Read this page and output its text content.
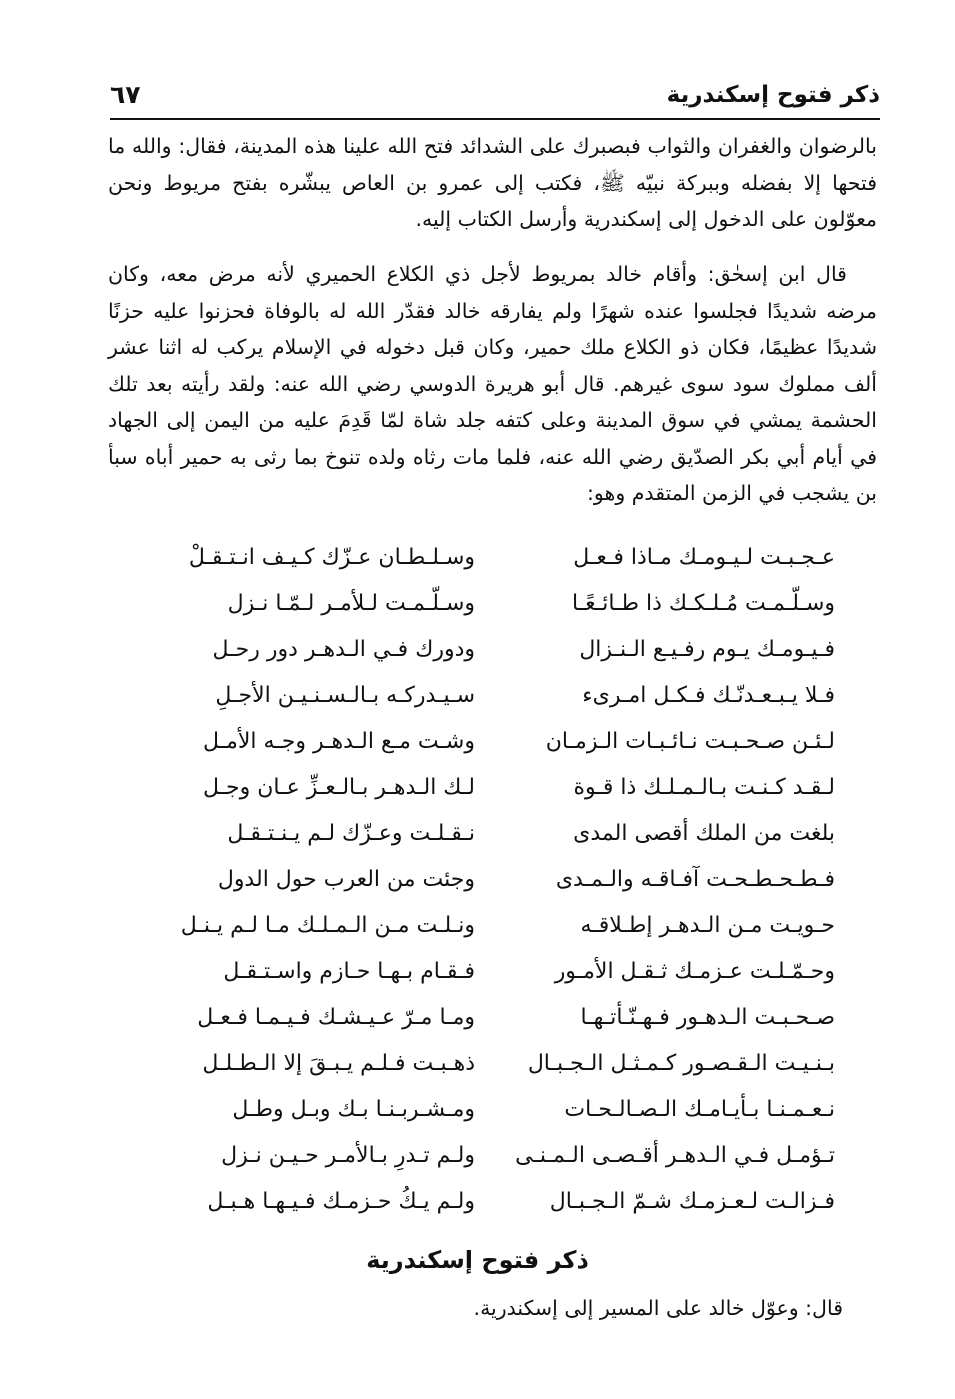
ذكر فتوح إسكندرية
٦٧
بالرضوان والغفران والثواب فبصبرك على الشدائد فتح الله علينا هذه المدينة، فقال: والله ما فتحها إلا بفضله وببركة نبيّه ﷺ، فكتب إلى عمرو بن العاص يبشّره بفتح مريوط ونحن معوّلون على الدخول إلى إسكندرية وأرسل الكتاب إليه.
قال ابن إسحٰق: وأقام خالد بمريوط لأجل ذي الكلاع الحميري لأنه مرض معه، وكان مرضه شديدًا فجلسوا عنده شهرًا ولم يفارقه خالد فقدّر الله له بالوفاة فحزنوا عليه حزنًا شديدًا عظيمًا، فكان ذو الكلاع ملك حمير، وكان قبل دخوله في الإسلام يركب له اثنا عشر ألف مملوك سود سوى غيرهم. قال أبو هريرة الدوسي رضي الله عنه: ولقد رأيته بعد تلك الحشمة يمشي في سوق المدينة وعلى كتفه جلد شاة لمّا قَدِمَ عليه من اليمن إلى الجهاد في أيام أبي بكر الصدّيق رضي الله عنه، فلما مات رثاه ولده تنوخ بما رثى به حمير أباه سبأ بن يشجب في الزمن المتقدم وهو:
عـجـبـت لـيـومـك مـاذا فـعـل
وسـلـطـان عـزّك كـيـف انـتـقـلْ
وسـلّـمـت مُـلـكـك ذا طـائـعًـا
وسـلّـمـت لـلأمـر لـمّـا نـزل
فـيـومـك يـوم رفـيـع الـنـزال
ودورك فـي الـدهـر دور رحـل
فـلا يـبـعـدنّـك فـكـل امـرىء
سـيـدركـه بـالـسـنـيـن الأجـلِ
لـئـن صـحـبـت نـائـبـات الـزمـان
وشـت مـع الـدهـر وجـه الأمـل
لـقـد كـنـت بـالـمـلـك ذا قـوة
لـك الـدهـر بـالـعـزِّ عـان وجـل
بلغت من الملك أقصى المدى
نـقـلـت وعـزّك لـم يـنـتـقـل
فـطـحـطـحـت آفـاقـه والـمـدى
وجئت من العرب حول الدول
حـويـت مـن الـدهـر إطـلاقـه
ونـلـت مـن الـمـلـك مـا لـم يـنـل
وحـمّـلـت عـزمـك ثـقـل الأمـور
فـقـام بـهـا حـازم واسـتـقـل
صـحـبـت الـدهـور فـهـنّـأتـهـا
ومـا مـرّ عـيـشـك فـيـمـا فـعـل
بـنـيـت الـقـصـور كـمـثـل الـجـبـال
ذهـبـت فـلـم يـبـقَ إلا الـطـلـل
نـعـمـنـا بـأيـامـك الـصـالـحـات
ومـشـربـنـا بـك وبـل وطـل
تـؤمـل فـي الـدهـر أقـصـى الـمـنـى
ولـم تـدرِ بـالأمـر حـيـن نـزل
فـزالـت لـعـزمـك شـمّ الـجـبـال
ولـم يـكُ حـزمـك فـيـهـا هـبـل
ذكر فتوح إسكندرية
قال: وعوّل خالد على المسير إلى إسكندرية.
